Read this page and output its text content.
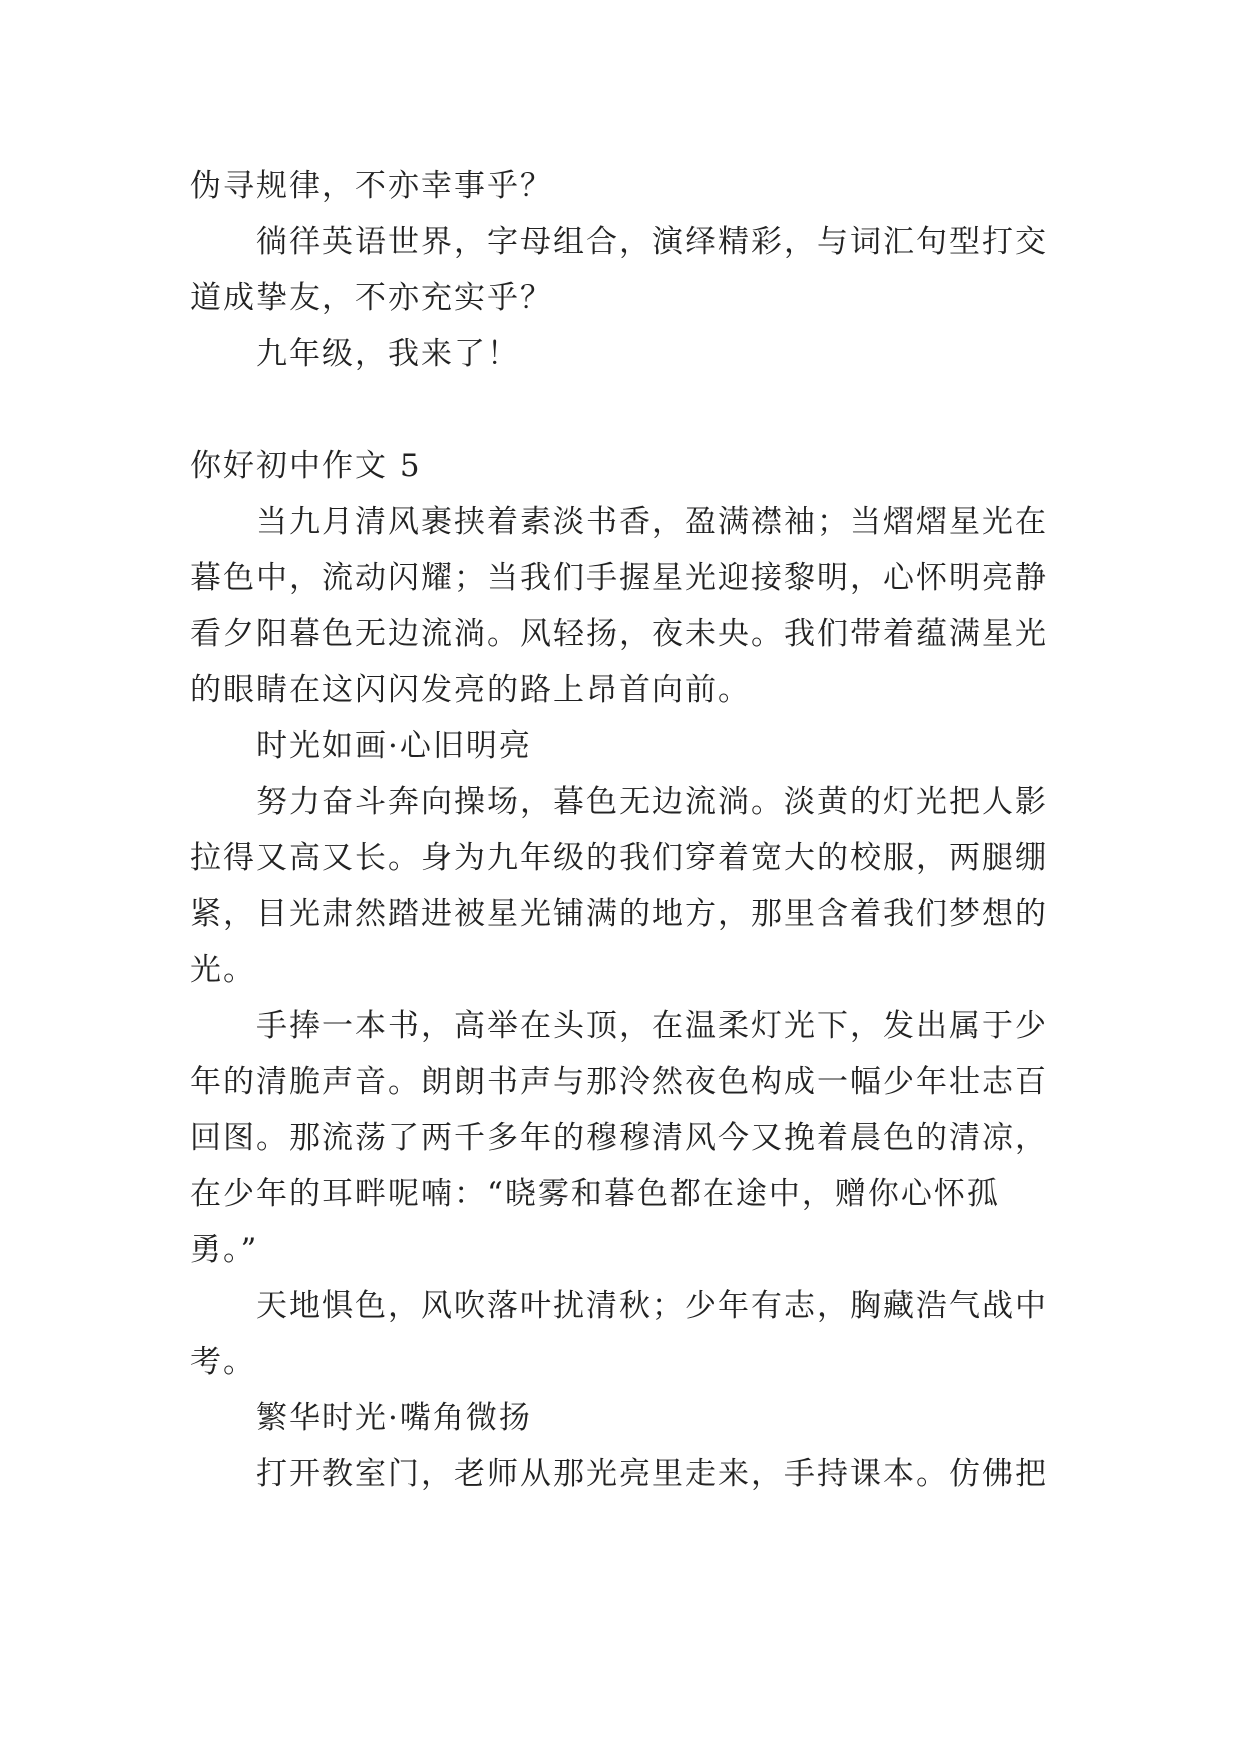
伪寻规律，不亦幸事乎？
徜徉英语世界，字母组合，演绎精彩，与词汇句型打交
道成挚友，不亦充实乎？
九年级，我来了！
你好初中作文 5
当九月清风裹挟着素淡书香，盈满襟袖；当熠熠星光在
暮色中，流动闪耀；当我们手握星光迎接黎明，心怀明亮静
看夕阳暮色无边流淌。风轻扬，夜未央。我们带着蕴满星光
的眼睛在这闪闪发亮的路上昂首向前。
时光如画·心旧明亮
努力奋斗奔向操场，暮色无边流淌。淡黄的灯光把人影
拉得又高又长。身为九年级的我们穿着宽大的校服，两腿绷
紧，目光肃然踏进被星光铺满的地方，那里含着我们梦想的
光。
手捧一本书，高举在头顶，在温柔灯光下，发出属于少
年的清脆声音。朗朗书声与那泠然夜色构成一幅少年壮志百
回图。那流荡了两千多年的穆穆清风今又挽着晨色的清凉，
在少年的耳畔呢喃：“晓雾和暮色都在途中，赠你心怀孤
勇。”
天地惧色，风吹落叶扰清秋；少年有志，胸藏浩气战中
考。
繁华时光·嘴角微扬
打开教室门，老师从那光亮里走来，手持课本。仿佛把
